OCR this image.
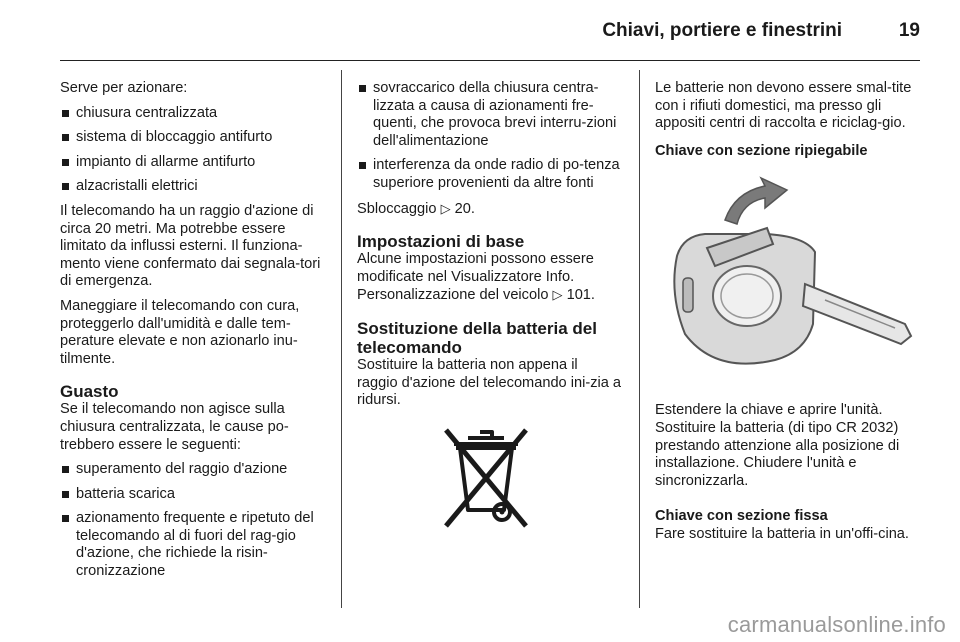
Chiavi, portiere e finestrini	19

Serve per azionare:

chiusura centralizzata
sistema di bloccaggio antifurto
impianto di allarme antifurto
alzacristalli elettrici

Il telecomando ha un raggio d'azione di circa 20 metri. Ma potrebbe essere limitato da influssi esterni. Il funziona-mento viene confermato dai segnala-tori di emergenza.

Maneggiare il telecomando con cura, proteggerlo dall'umidità e dalle tem-perature elevate e non azionarlo inu-tilmente.

Guasto

Se il telecomando non agisce sulla chiusura centralizzata, le cause po-trebbero essere le seguenti:

superamento del raggio d'azione
batteria scarica
azionamento frequente e ripetuto del telecomando al di fuori del rag-gio d'azione, che richiede la risin-cronizzazione
sovraccarico della chiusura centra-lizzata a causa di azionamenti fre-quenti, che provoca brevi interru-zioni dell'alimentazione
interferenza da onde radio di po-tenza superiore provenienti da altre fonti

Sbloccaggio ▷ 20.

Impostazioni di base

Alcune impostazioni possono essere modificate nel Visualizzatore Info. Personalizzazione del veicolo ▷ 101.

Sostituzione della batteria del telecomando

Sostituire la batteria non appena il raggio d'azione del telecomando ini-zia a ridursi.

Le batterie non devono essere smal-tite con i rifiuti domestici, ma presso gli appositi centri di raccolta e riciclag-gio.

Chiave con sezione ripiegabile

Estendere la chiave e aprire l'unità. Sostituire la batteria (di tipo CR 2032) prestando attenzione alla posizione di installazione. Chiudere l'unità e sincronizzarla.

Chiave con sezione fissa

Fare sostituire la batteria in un'offi-cina.

carmanualsonline.info
